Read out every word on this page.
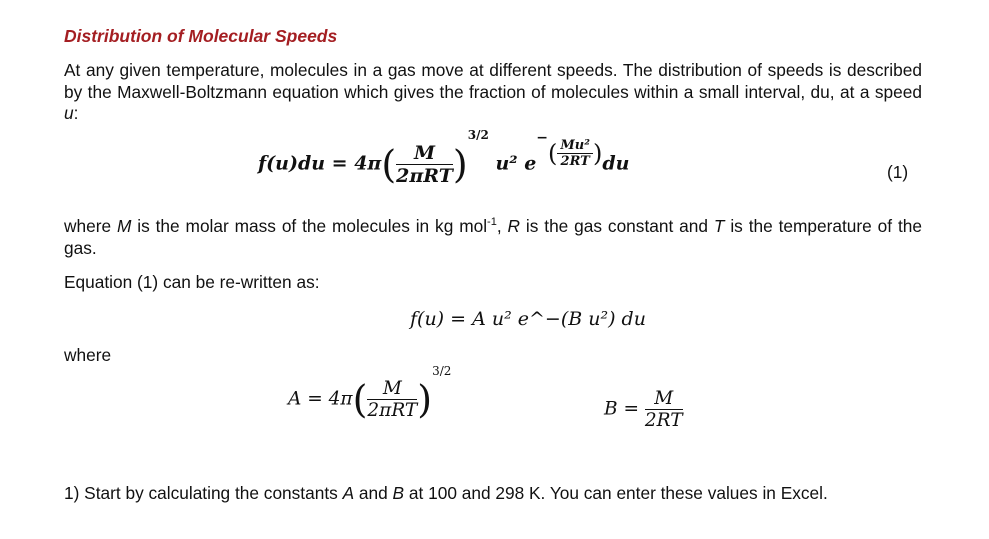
Distribution of Molecular Speeds
At any given temperature, molecules in a gas move at different speeds. The distribution of speeds is described by the Maxwell-Boltzmann equation which gives the fraction of molecules within a small interval, du, at a speed u:
$f(u)du = 4\pi( \frac{M}{\text{2πRT}} )^{3/2}$ u² $e^-( \frac{\text{Mu²}}{2RT} )du$	(1)
where M is the molar mass of the molecules in kg mol$^{-1}$, R is the gas constant and T is the temperature of the gas.
Equation (1) can be re-written as:
f(u) = A u² e^−(B u²) du
where
$A = 4\pi( \frac{M}{\text{2πRT}} )^{3/2}$
$B = \frac{M}{2RT}$
1) Start by calculating the constants A and B at 100 and 298 K. You can enter these values in Excel.
